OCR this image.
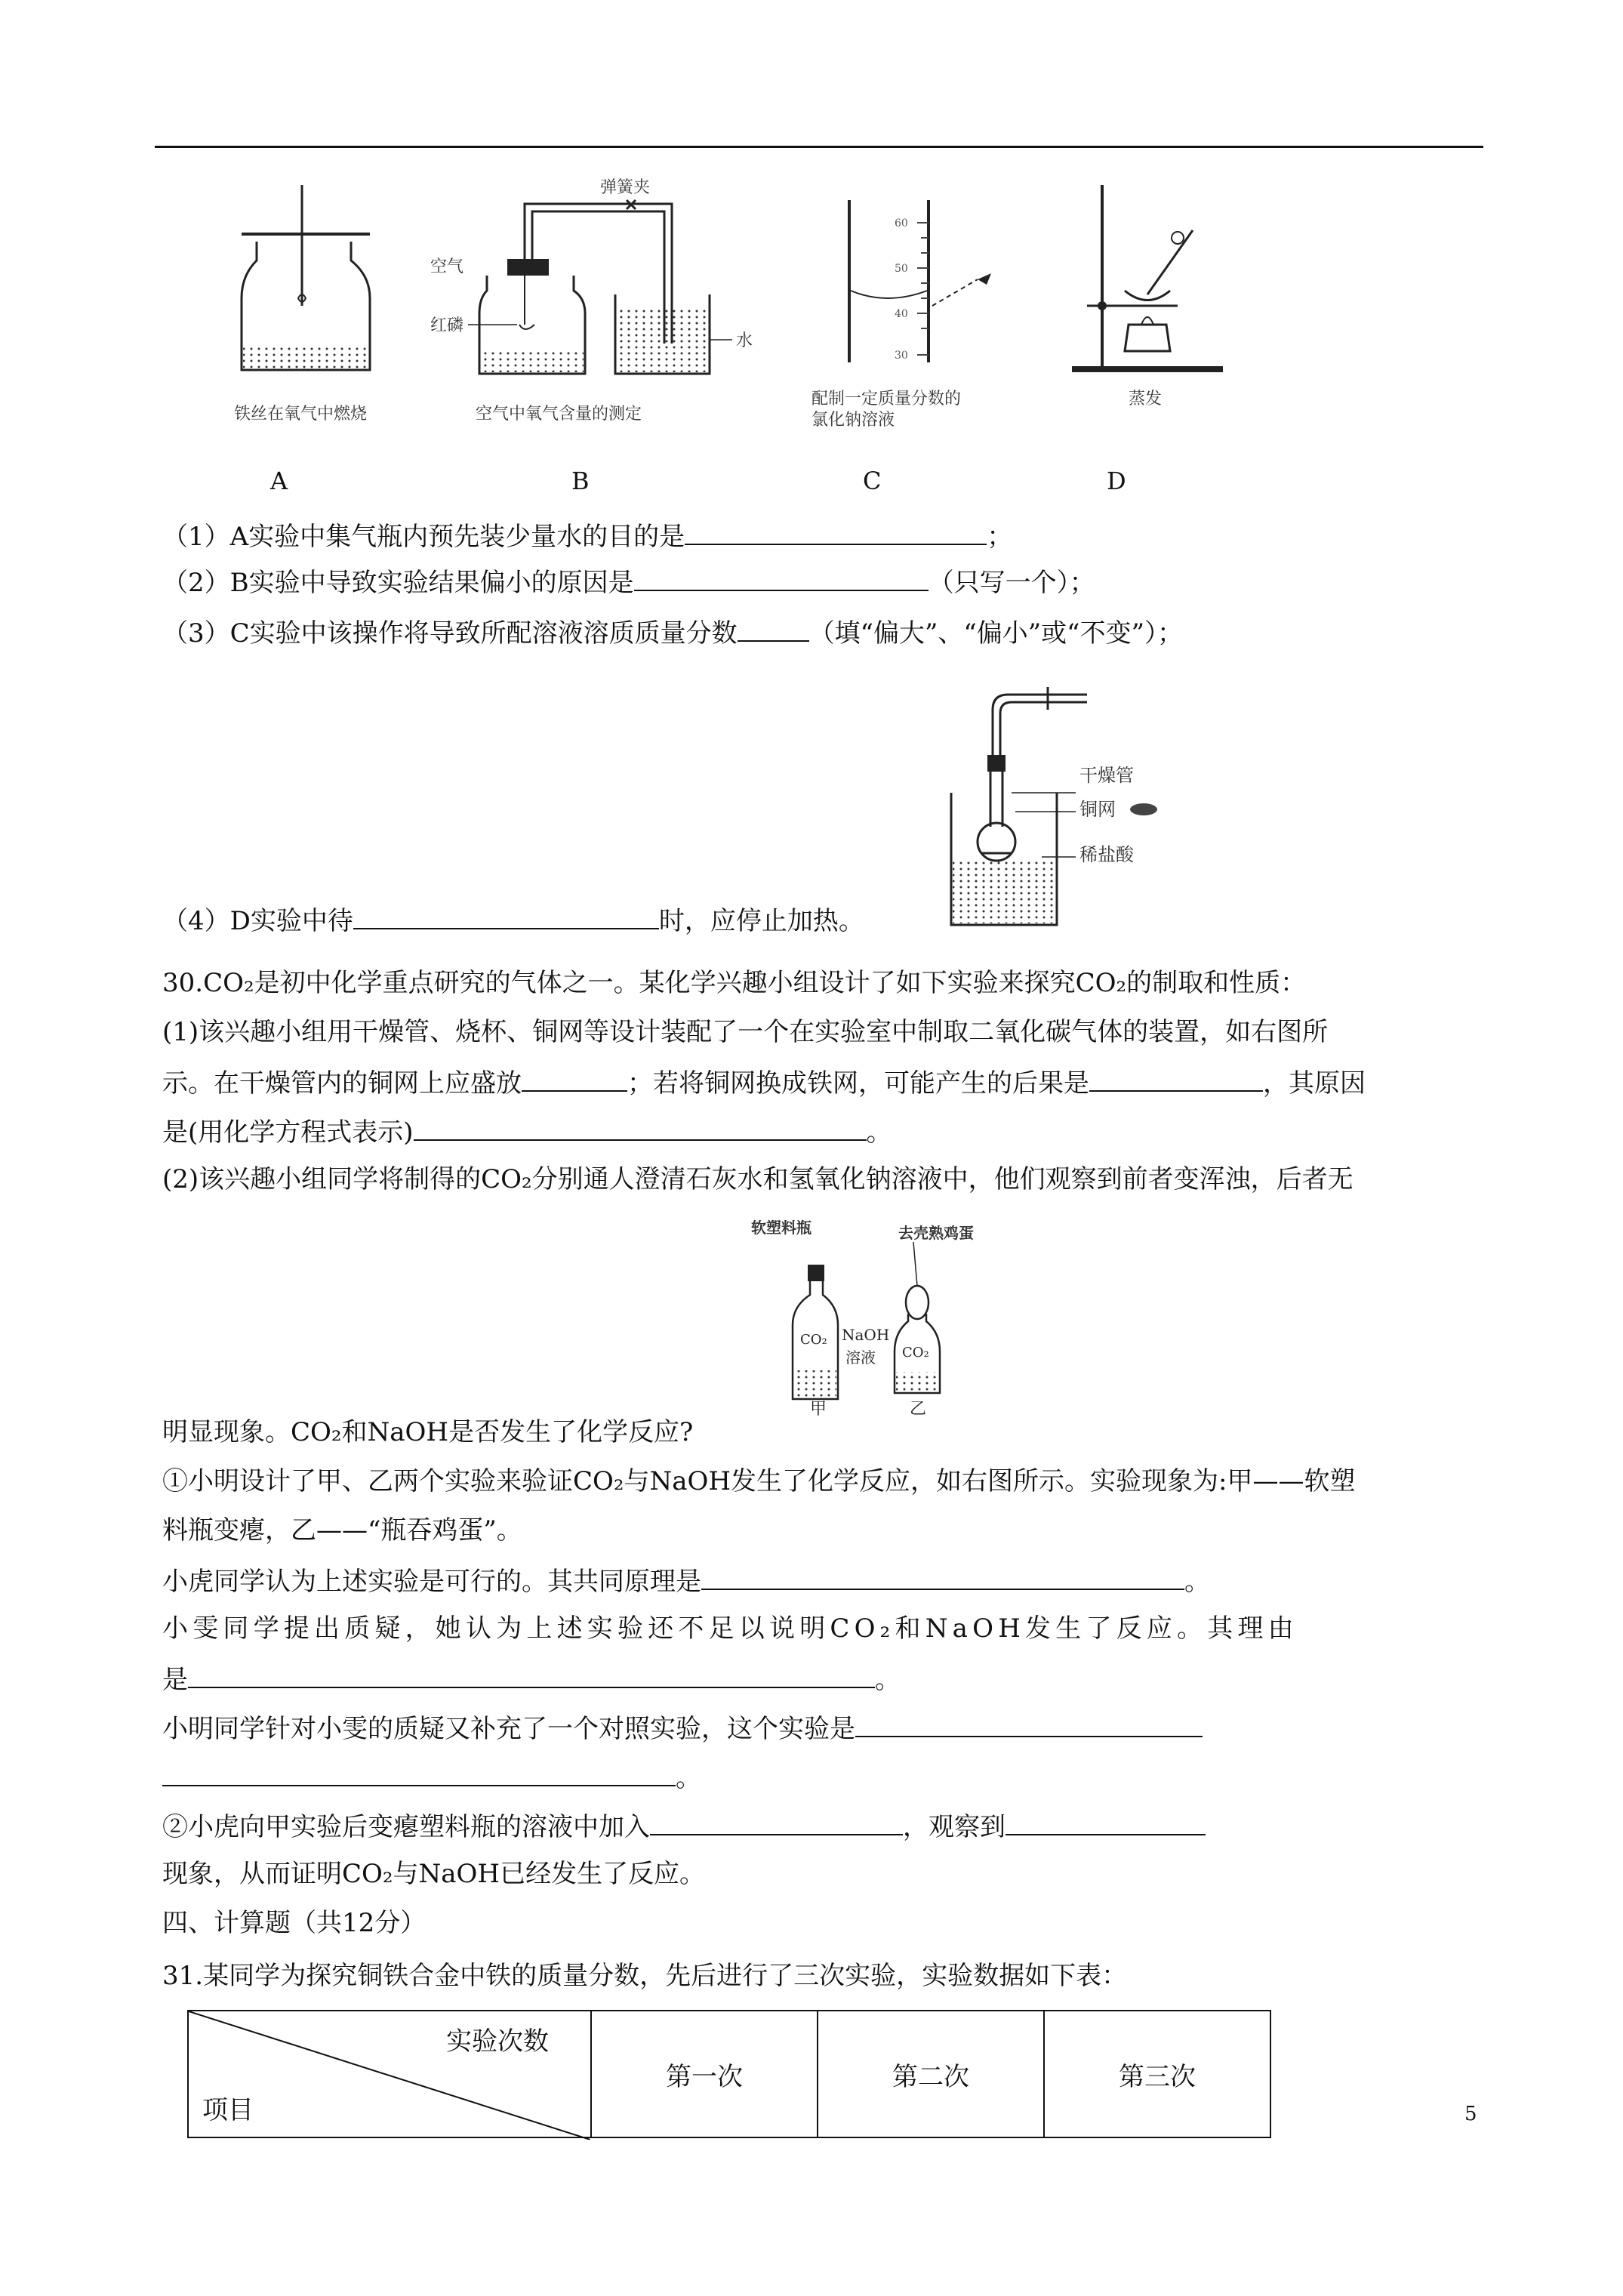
铁丝在氧气中燃烧
弹簧夹
空气
红磷
水
空气中氧气含量的测定
60
50
40
30
配制一定质量分数的
氯化钠溶液
蒸发
A	B	C	D
（1）A实验中集气瓶内预先装少量水的目的是	；
（2）B实验中导致实验结果偏小的原因是	（只写一个）；
（3）C实验中该操作将导致所配溶液溶质质量分数	（填“偏大”、“偏小”或“不变”）；
干燥管
铜网
稀盐酸
（4）D实验中待	时，应停止加热。
30.CO₂是初中化学重点研究的气体之一。某化学兴趣小组设计了如下实验来探究CO₂的制取和性质：
(1)该兴趣小组用干燥管、烧杯、铜网等设计装配了一个在实验室中制取二氧化碳气体的装置，如右图所
示。在干燥管内的铜网上应盛放	；若将铜网换成铁网，可能产生的后果是	，其原因
是(用化学方程式表示)	。
(2)该兴趣小组同学将制得的CO₂分别通人澄清石灰水和氢氧化钠溶液中，他们观察到前者变浑浊，后者无
软塑料瓶	去壳熟鸡蛋
CO₂ NaOH
溶液 CO₂
甲	乙
明显现象。CO₂和NaOH是否发生了化学反应?
①小明设计了甲、乙两个实验来验证CO₂与NaOH发生了化学反应，如右图所示。实验现象为:甲——软塑
料瓶变瘪，乙——“瓶吞鸡蛋”。
小虎同学认为上述实验是可行的。其共同原理是	。
小雯同学提出质疑，她认为上述实验还不足以说明CO₂和NaOH发生了反应。其理由
是	。
小明同学针对小雯的质疑又补充了一个对照实验，这个实验是
。
②小虎向甲实验后变瘪塑料瓶的溶液中加入	，观察到
现象，从而证明CO₂与NaOH已经发生了反应。
四、计算题（共12分）
31.某同学为探究铜铁合金中铁的质量分数，先后进行了三次实验，实验数据如下表：
实验次数
项目
	第一次	第二次	第三次
5
